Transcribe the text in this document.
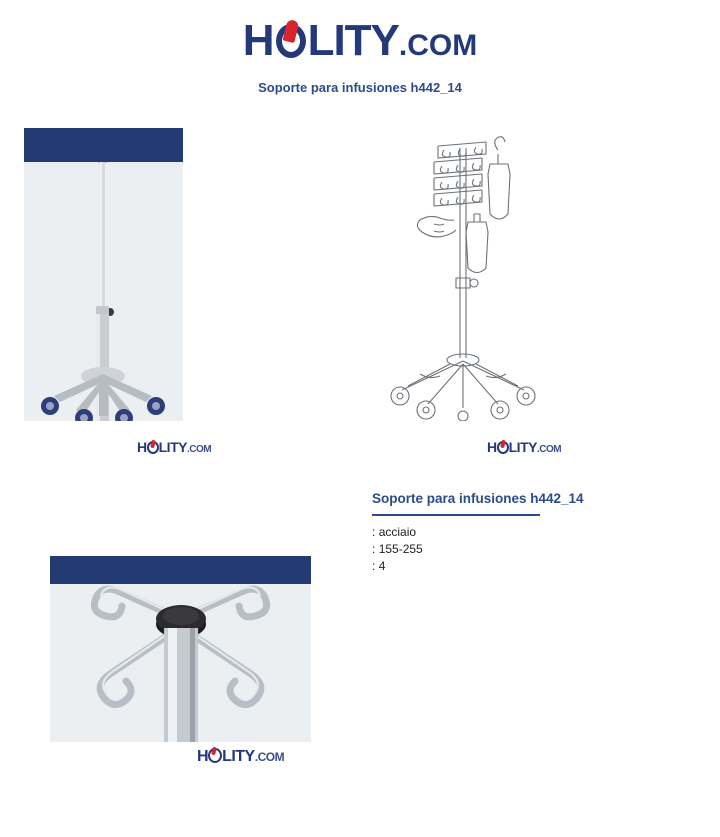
H LITY.COM
Soporte para infusiones h442_14
H LITY.COM	H LITY.COM
Soporte para infusiones h442_14
: acciaio
: 155-255
: 4
H LITY.COM
